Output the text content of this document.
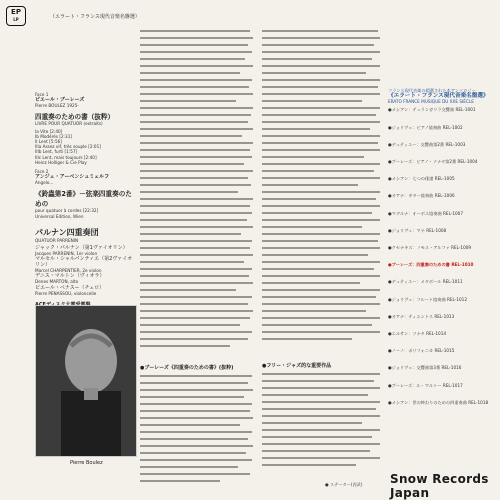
EP
LP	（エラート・フランス現代音楽名盤選）
Face 1
ピエール・ブーレーズ
Pierre BOULEZ 1925-
四重奏のための書（抜粋）
LIVRE POUR QUATUOR (extraits)
Ia Vite [2:40]
Ib Modérés [2:31]
II Lent [5:56]
IIIa Assez vif, très souple [2:01]
IIIb Lent, furti [1:57]
IIIc Lent, mais toujours [2:40]
Heinz Holliger & Cie Play
Face 2
アンジェ・アーベンシュミェルフ
Angelo...
《鈴蟲第2番》－弦楽四重奏のための
pour quatuor à cordes [22:32]
Universal Edition, Wien
パルナン四重奏団
QUATUOR PARRENIN
ジャック・パルナン（第1ヴァイオリン）
Jacques PARRENIN, 1er violon
マルセル・シャルパンティエ（第2ヴァイオリン）
Marcel CHARPENTIER, 2e violon
デニス・マルトン（ヴィオラ）
Denes MARTON, alto
ピエール・ペナスー（チェロ）
Pierre PENASSOU, violoncelle
Pierre Boulez
●ブーレーズ《四重奏のための書》(抜粋)	●フリー・ジャズ的な重要作品
フランス現代音楽の精選された本アンソロジー
《エラート・フランス現代音楽名盤選》
ERATO FRANCE MUSIQUE DU XXE SIÈCLE
●メシアン：テュランガリラ交響曲 REL-1001
●ジョリヴェ：ピアノ協奏曲 REL-1002
●デュティユー：交響曲第2番 REL-1003
●ブーレーズ：ピアノ・ソナタ第2番 REL-1004
●メシアン：七つの俳諧 REL-1005
●オアナ：ギター協奏曲 REL-1006
●マデルナ：オーボエ協奏曲 REL-1007
●ジョリヴェ：マナ REL-1008
●クセナキス：ノモス・アルファ REL-1009
●ブーレーズ：四重奏のための書 REL-1010
●デュティユー：メタボール REL-1011
●ジョリヴェ：フルート協奏曲 REL-1012
●オアナ：ティエントス REL-1013
●エルサン：ソナタ REL-1014
●ノーノ：ポリフォニカ REL-1015
●ジョリヴェ：交響曲第3番 REL-1016
●ブーレーズ：ル・マルトー REL-1017
●メシアン：世の終わりのための四重奏曲 REL-1018
● ステーター(西武) Snow Records Japan
